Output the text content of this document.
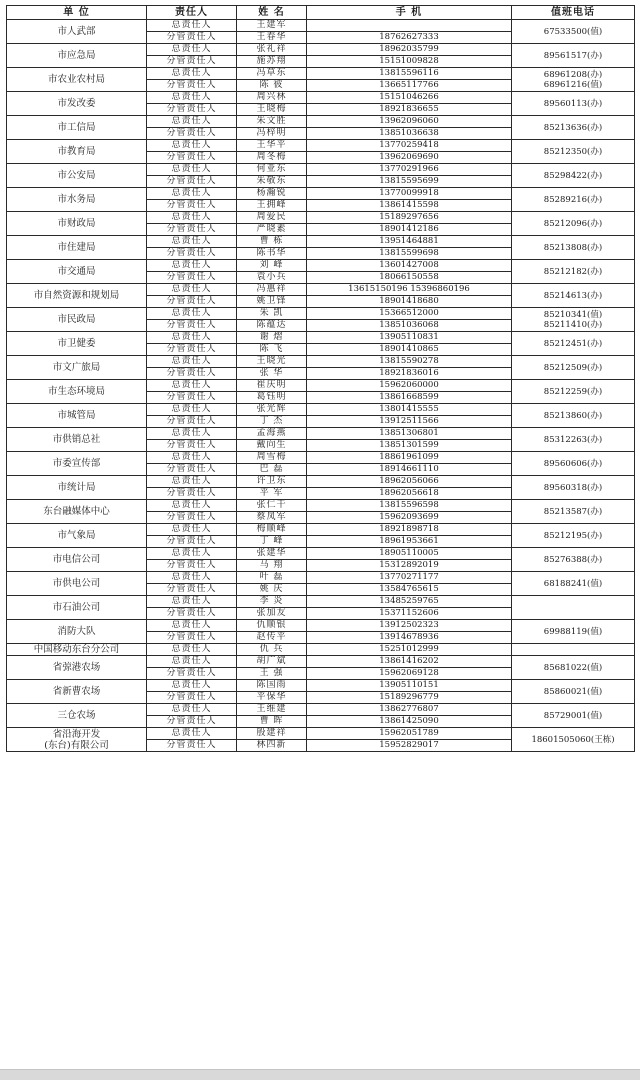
单 位	责任人	姓 名	手 机	值班电话
市人武部	总责任人	王建军		67533500(值)

	分管责任人	王春华	18762627333	
市应急局	总责任人	张礼祥	18962035799	89561517(办)

	分管责任人	施苏翔	15151009828	
市农业农村局	总责任人	冯草东	13815596116	68961208(办)
68961216(值)

	分管责任人	陈 彼	13665117766	
市发改委	总责任人	周兴林	15151046266	89560113(办)

	分管责任人	王晓梅	18921836655	
市工信局	总责任人	朱文胜	13962096060	85213636(办)

	分管责任人	冯梓明	13851036638	
市教育局	总责任人	王华平	13770259418	85212350(办)

	分管责任人	周冬梅	13962069690	
市公安局	总责任人	何亚东	13770291966	85298422(办)

	分管责任人	朱敬东	13815595699	
市水务局	总责任人	杨瀚锐	13770099918	85289216(办)

	分管责任人	王拥峰	13861415598	
市财政局	总责任人	周爱民	15189297656	85212096(办)

	分管责任人	严晓素	18901412186	
市住建局	总责任人	曹 栋	13951464881	85213808(办)

	分管责任人	陈书华	13815599698	
市交通局	总责任人	刘 峰	13601427008	85212182(办)

	分管责任人	袁小兵	18066150558	
市自然资源和规划局	总责任人	冯惠祥	13615150196 15396860196	85214613(办)

	分管责任人	姚卫锋	18901418680	
市民政局	总责任人	朱 凯	15366512000	85210341(值)
85211410(办)

	分管责任人	陈蕴达	13851036068	
市卫健委	总责任人	谢 熠	13905110831	85212451(办)

	分管责任人	陈 飞	18901410865	
市文广旅局	总责任人	王晓光	13815590278	85212509(办)

	分管责任人	张 华	18921836016	
市生态环境局	总责任人	崔庆明	15962060000	85212259(办)

	分管责任人	葛钰明	13861668599	
市城管局	总责任人	张光辉	13801415555	85213860(办)

	分管责任人	丁 杰	13912511566	
市供销总社	总责任人	孟海燕	13851306801	85312263(办)

	分管责任人	戴向生	13851301599	
市委宣传部	总责任人	周雪梅	18861961099	89560606(办)

	分管责任人	巴 磊	18914661110	
市统计局	总责任人	许卫东	18962056066	89560318(办)

	分管责任人	平 军	18962056618	
东台融媒体中心	总责任人	张仁干	13815596598	85213587(办)

	分管责任人	蔡凤军	15962093699	
市气象局	总责任人	梅顺峰	18921898718	85212195(办)

	分管责任人	丁 峰	18961953661	
市电信公司	总责任人	张建华	18905110005	85276388(办)

	分管责任人	马 翔	15312892019	
市供电公司	总责任人	叶 磊	13770271177	68188241(值)

	分管责任人	姚 庆	13584765615	
市石油公司	总责任人	李 炎	13485259765	

	分管责任人	张加友	15371152606	
消防大队	总责任人	仇顺银	13912502323	69988119(值)

	分管责任人	赵传平	13914678936	
中国移动东台分公司	总责任人	仇 兵	15251012999	

省弶港农场	总责任人	胡广斌	13861416202	85681022(值)

	分管责任人	王 强	15962069128	
省新曹农场	总责任人	陈国雨	13905110151	85860021(值)

	分管责任人	平保华	15189296779	
三仓农场	总责任人	王维建	13862776807	85729001(值)

	分管责任人	曹 晖	13861425090	

省沿海开发
(东台)有限公司	总责任人	殷建祥	15962051789	18601505060(王栋)

	分管责任人	林四新	15952829017	
